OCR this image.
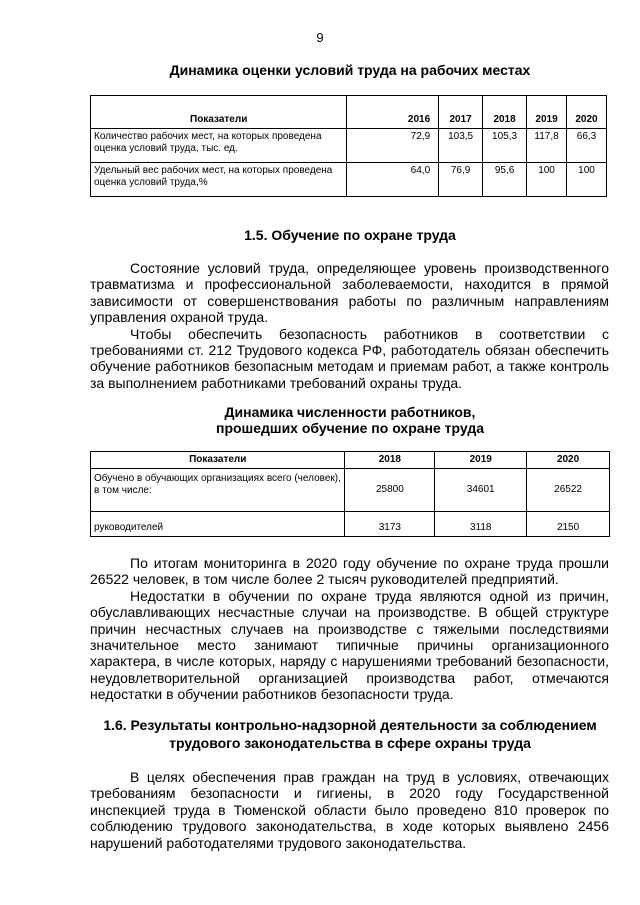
9
Динамика оценки условий труда на рабочих местах
Показатели	2016	2017	2018	2019	2020
Количество рабочих мест, на которых проведена оценка условий труда, тыс. ед.	72,9	103,5	105,3	117,8	66,3
Удельный вес рабочих мест, на которых проведена оценка условий труда,%	64,0	76,9	95,6	100	100
1.5. Обучение по охране труда

Состояние условий труда, определяющее уровень производственного травматизма и профессиональной заболеваемости, находится в прямой зависимости от совершенствования работы по различным направлениям управления охраной труда.

Чтобы обеспечить безопасность работников в соответствии с требованиями ст. 212 Трудового кодекса РФ, работодатель обязан обеспечить обучение работников безопасным методам и приемам работ, а также контроль за выполнением работниками требований охраны труда.

Динамика численности работников,
прошедших обучение по охране труда
Показатели	2018	2019	2020
Обучено в обучающих организациях всего (человек), в том числе:	25800	34601	26522
руководителей	3173	3118	2150

По итогам мониторинга в 2020 году обучение по охране труда прошли 26522 человек, в том числе более 2 тысяч руководителей предприятий.

Недостатки в обучении по охране труда являются одной из причин, обуславливающих несчастные случаи на производстве. В общей структуре причин несчастных случаев на производстве с тяжелыми последствиями значительное место занимают типичные причины организационного характера, в числе которых, наряду с нарушениями требований безопасности, неудовлетворительной организацией производства работ, отмечаются недостатки в обучении работников безопасности труда.

1.6. Результаты контрольно-надзорной деятельности за соблюдением
трудового законодательства в сфере охраны труда

В целях обеспечения прав граждан на труд в условиях, отвечающих требованиям безопасности и гигиены, в 2020 году Государственной инспекцией труда в Тюменской области было проведено 810 проверок по соблюдению трудового законодательства, в ходе которых выявлено 2456 нарушений работодателями трудового законодательства.
